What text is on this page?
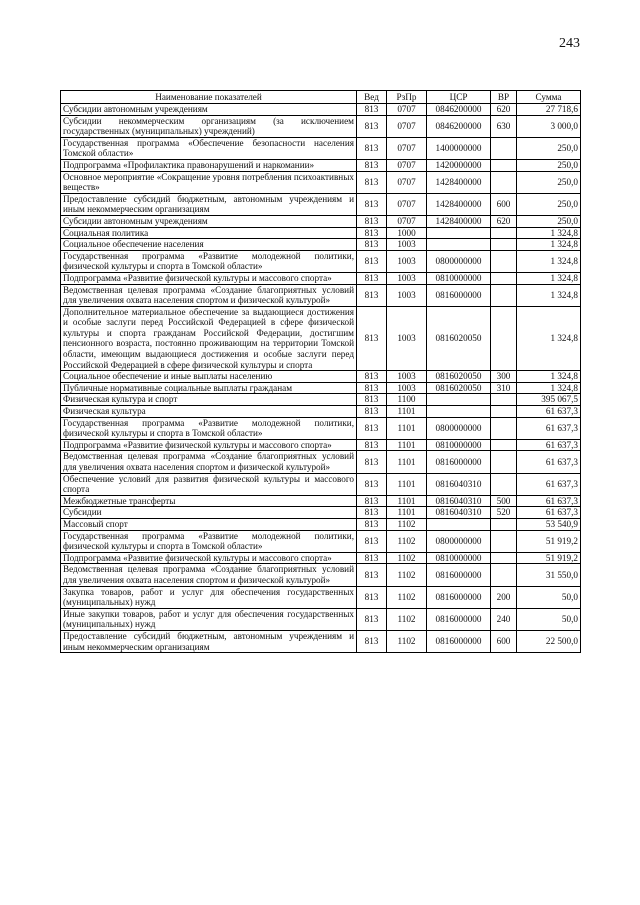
243
Наименование показателей	Вед	РзПр	ЦСР	ВР	Сумма
Субсидии автономным учреждениям	813	0707	0846200000	620	27 718,6
Субсидии некоммерческим организациям (за исключением государственных (муниципальных) учреждений)	813	0707	0846200000	630	3 000,0
Государственная программа «Обеспечение безопасности населения Томской области»	813	0707	1400000000		250,0
Подпрограмма «Профилактика правонарушений и наркомании»	813	0707	1420000000		250,0
Основное мероприятие «Сокращение уровня потребления психоактивных веществ»	813	0707	1428400000		250,0
Предоставление субсидий бюджетным, автономным учреждениям и иным некоммерческим организациям	813	0707	1428400000	600	250,0
Субсидии автономным учреждениям	813	0707	1428400000	620	250,0
Социальная политика	813	1000			1 324,8
Социальное обеспечение населения	813	1003			1 324,8
Государственная программа «Развитие молодежной политики, физической культуры и спорта в Томской области»	813	1003	0800000000		1 324,8
Подпрограмма «Развитие физической культуры и массового спорта»	813	1003	0810000000		1 324,8
Ведомственная целевая программа «Создание благоприятных условий для увеличения охвата населения спортом и физической культурой»	813	1003	0816000000		1 324,8
Дополнительное материальное обеспечение за выдающиеся достижения и особые заслуги перед Российской Федерацией в сфере физической культуры и спорта гражданам Российской Федерации, достигшим пенсионного возраста, постоянно проживающим на территории Томской области, имеющим выдающиеся достижения и особые заслуги перед Российской Федерацией в сфере физической культуры и спорта	813	1003	0816020050		1 324,8
Социальное обеспечение и иные выплаты населению	813	1003	0816020050	300	1 324,8
Публичные нормативные социальные выплаты гражданам	813	1003	0816020050	310	1 324,8
Физическая культура и спорт	813	1100			395 067,5
Физическая культура	813	1101			61 637,3
Государственная программа «Развитие молодежной политики, физической культуры и спорта в Томской области»	813	1101	0800000000		61 637,3
Подпрограмма «Развитие физической культуры и массового спорта»	813	1101	0810000000		61 637,3
Ведомственная целевая программа «Создание благоприятных условий для увеличения охвата населения спортом и физической культурой»	813	1101	0816000000		61 637,3
Обеспечение условий для развития физической культуры и массового спорта	813	1101	0816040310		61 637,3
Межбюджетные трансферты	813	1101	0816040310	500	61 637,3
Субсидии	813	1101	0816040310	520	61 637,3
Массовый спорт	813	1102			53 540,9
Государственная программа «Развитие молодежной политики, физической культуры и спорта в Томской области»	813	1102	0800000000		51 919,2
Подпрограмма «Развитие физической культуры и массового спорта»	813	1102	0810000000		51 919,2
Ведомственная целевая программа «Создание благоприятных условий для увеличения охвата населения спортом и физической культурой»	813	1102	0816000000		31 550,0
Закупка товаров, работ и услуг для обеспечения государственных (муниципальных) нужд	813	1102	0816000000	200	50,0
Иные закупки товаров, работ и услуг для обеспечения государственных (муниципальных) нужд	813	1102	0816000000	240	50,0
Предоставление субсидий бюджетным, автономным учреждениям и иным некоммерческим организациям	813	1102	0816000000	600	22 500,0
